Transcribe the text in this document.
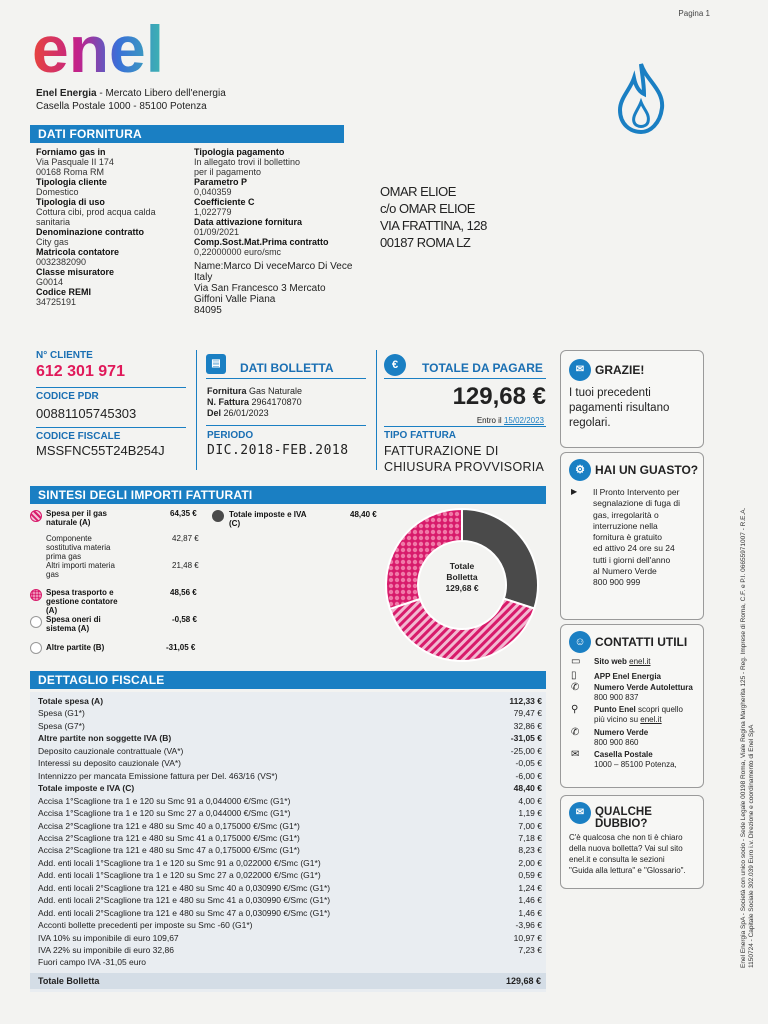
Pagina 1
enel
Enel Energia - Mercato Libero dell'energia
Casella Postale 1000 - 85100 Potenza
DATI FORNITURA
Forniamo gas in
Via Pasquale II 174
00168 Roma RM
Tipologia cliente
Domestico
Tipologia di uso
Cottura cibi, prod acqua calda
sanitaria
Denominazione contratto
City gas
Matricola contatore
0032382090
Classe misuratore
G0014
Codice REMI
34725191
Tipologia pagamento
In allegato trovi il bollettino
per il pagamento
Parametro P
0,040359
Coefficiente C
1,022779
Data attivazione fornitura
01/09/2021
Comp.Sost.Mat.Prima contratto
0,22000000 euro/smc
Name:Marco Di veceMarco Di Vece
Italy
Via San Francesco 3 Mercato
Giffoni Valle Piana
84095
OMAR ELIOE
c/o OMAR ELIOE
VIA FRATTINA, 128
00187 ROMA LZ
N° CLIENTE
612 301 971
CODICE PDR
00881105745303
CODICE FISCALE
MSSFNC55T24B254J
▤	DATI BOLLETTA
Fornitura Gas Naturale
N. Fattura 2964170870
Del 26/01/2023
PERIODO
DIC.2018-FEB.2018
€	TOTALE DA PAGARE
129,68 €
Entro il 15/02/2023
TIPO FATTURA
FATTURAZIONE DI
CHIUSURA PROVVISORIA
SINTESI DEGLI IMPORTI FATTURATI
Spesa per il gas
naturale (A)
64,35 €
Componente
sostitutiva materia
prima gas
42,87 €
Altri importi materia
gas
21,48 €
Spesa trasporto e
gestione contatore
(A)
48,56 €
Spesa oneri di
sistema (A)
-0,58 €
Altre partite (B)	-31,05 €
Totale imposte e IVA
(C)
48,40 €
Totale
Bolletta
129,68 €
DETTAGLIO FISCALE
Totale spesa (A)	112,33 €
Spesa (G1*)	79,47 €
Spesa (G7*)	32,86 €
Altre partite non soggette IVA (B)	-31,05 €
Deposito cauzionale contrattuale (VA*)	-25,00 €
Interessi su deposito cauzionale (VA*)	-0,05 €
Intennizzo per mancata Emissione fattura per Del. 463/16 (VS*)	-6,00 €
Totale imposte e IVA (C)	48,40 €
Accisa 1°Scaglione tra 1 e 120 su Smc 91 a 0,044000 €/Smc (G1*)	4,00 €
Accisa 1°Scaglione tra 1 e 120 su Smc 27 a 0,044000 €/Smc (G1*)	1,19 €
Accisa 2°Scaglione tra 121 e 480 su Smc 40 a 0,175000 €/Smc (G1*)	7,00 €
Accisa 2°Scaglione tra 121 e 480 su Smc 41 a 0,175000 €/Smc (G1*)	7,18 €
Accisa 2°Scaglione tra 121 e 480 su Smc 47 a 0,175000 €/Smc (G1*)	8,23 €
Add. enti locali 1°Scaglione tra 1 e 120 su Smc 91 a 0,022000 €/Smc (G1*)	2,00 €
Add. enti locali 1°Scaglione tra 1 e 120 su Smc 27 a 0,022000 €/Smc (G1*)	0,59 €
Add. enti locali 2°Scaglione tra 121 e 480 su Smc 40 a 0,030990 €/Smc (G1*)	1,24 €
Add. enti locali 2°Scaglione tra 121 e 480 su Smc 41 a 0,030990 €/Smc (G1*)	1,46 €
Add. enti locali 2°Scaglione tra 121 e 480 su Smc 47 a 0,030990 €/Smc (G1*)	1,46 €
Acconti bollette precedenti per imposte su Smc -60 (G1*)	-3,96 €
IVA 10% su imponibile di euro 109,67	10,97 €
IVA 22% su imponibile di euro 32,86	7,23 €
Fuori campo IVA -31,05 euro
Totale Bolletta	129,68 €
✉ GRAZIE!
I tuoi precedenti
pagamenti risultano
regolari.
⚙ HAI UN GUASTO?
▶ Il Pronto Intervento per
segnalazione di fuga di
gas, irregolarità o
interruzione nella
fornitura è gratuito
ed attivo 24 ore su 24
tutti i giorni dell'anno
al Numero Verde
800 900 999
☺ CONTATTI UTILI
▭ Sito web enel.it
▯ APP Enel Energia
✆ Numero Verde Autolettura
800 900 837
⚲ Punto Enel scopri quello
più vicino su enel.it
✆ Numero Verde
800 900 860
✉ Casella Postale
1000 – 85100 Potenza,
✉ QUALCHE DUBBIO?
C'è qualcosa che non ti è chiaro
della nuova bolletta? Vai sul sito
enel.it e consulta le sezioni
"Guida alla lettura" e "Glossario".	Enel Energia SpA - Società con unico socio - Sede Legale 00198 Roma, Viale Regina Margherita 125 - Reg. Imprese di Roma, C.F. e P.I. 06655971007 - R.E.A. 1150724 - Capitale Sociale 302.039 Euro i.v. Direzione e coordinamento di Enel SpA
